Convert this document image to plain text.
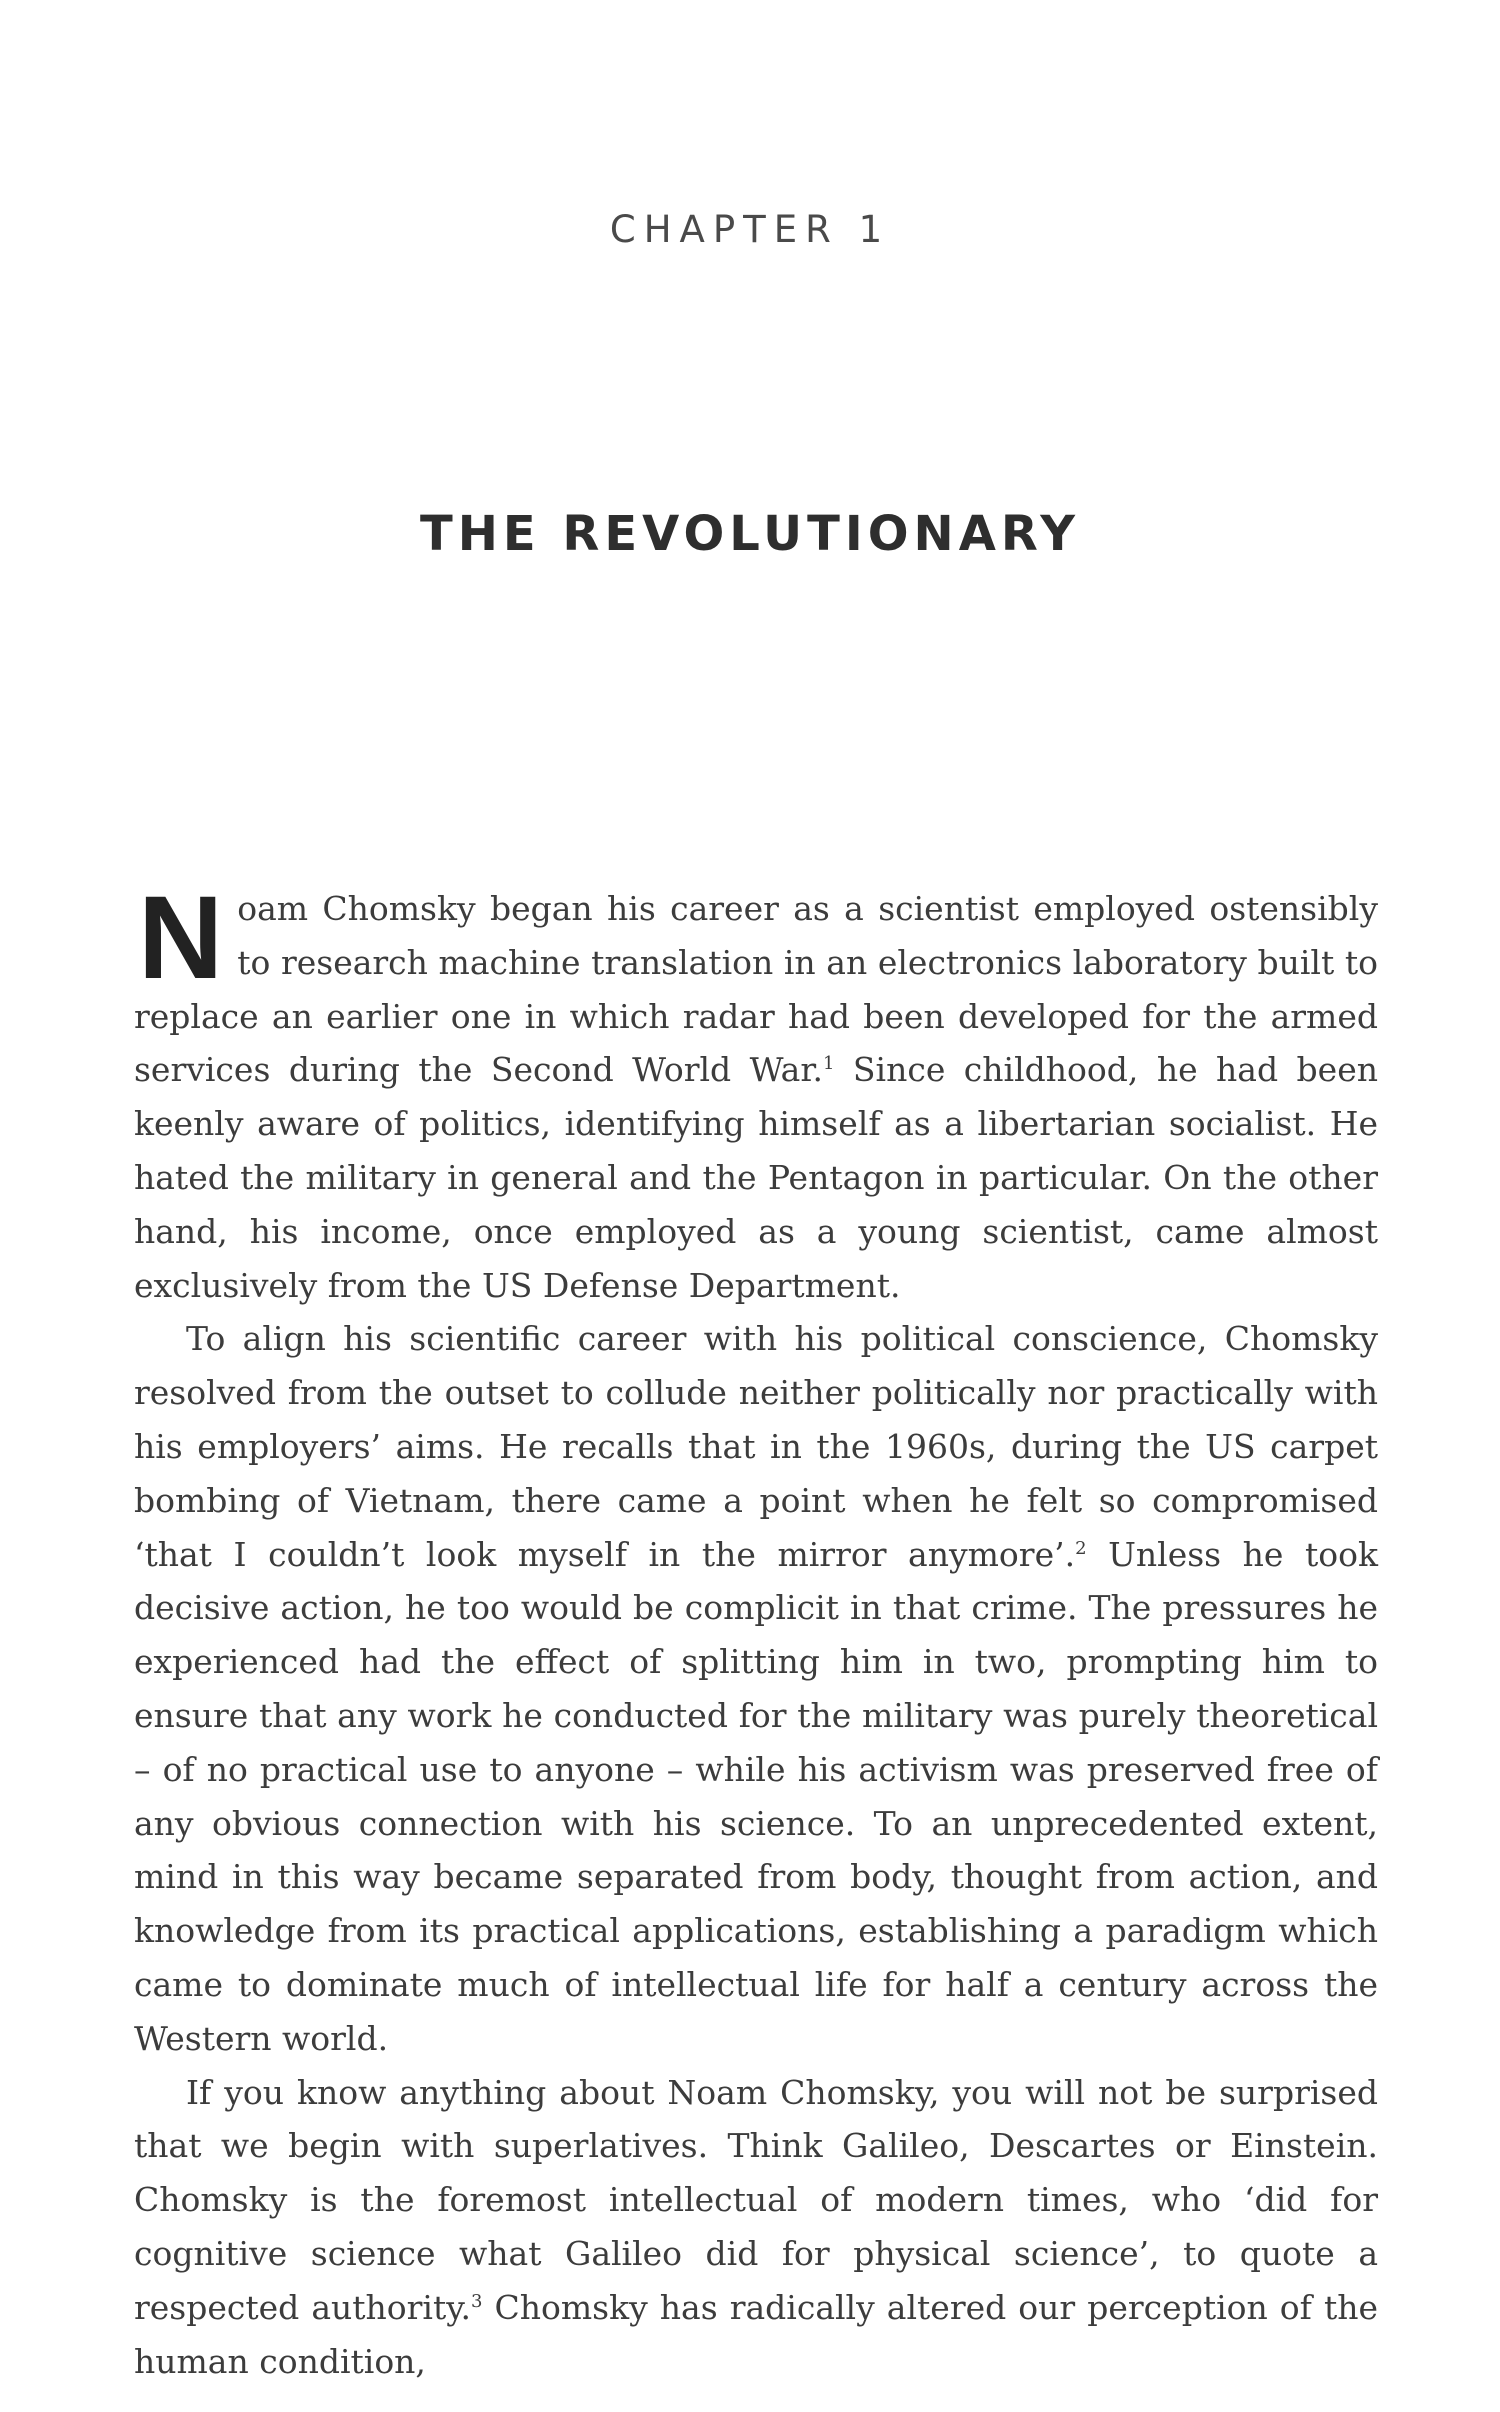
CHAPTER 1
THE REVOLUTIONARY

Noam Chomsky began his career as a scientist employed ostensibly to research machine translation in an electronics laboratory built to replace an earlier one in which radar had been developed for the armed services during the Second World War.$^1$ Since childhood, he had been keenly aware of politics, identifying himself as a libertarian socialist. He hated the military in general and the Pentagon in particular. On the other hand, his income, once employed as a young scientist, came almost exclusively from the US Defense Department.

To align his scientific career with his political conscience, Chomsky resolved from the outset to collude neither politically nor practically with his employers’ aims. He recalls that in the 1960s, during the US carpet bombing of Vietnam, there came a point when he felt so compromised ‘that I couldn’t look myself in the mirror anymore’.$^2$ Unless he took decisive action, he too would be complicit in that crime. The pressures he experienced had the effect of splitting him in two, prompting him to ensure that any work he conducted for the military was purely theoretical – of no practical use to anyone – while his activism was preserved free of any obvious connection with his science. To an unprecedented extent, mind in this way became separated from body, thought from action, and knowledge from its practical applications, establishing a paradigm which came to dominate much of intellectual life for half a century across the Western world.

If you know anything about Noam Chomsky, you will not be surprised that we begin with superlatives. Think Galileo, Descartes or Einstein. Chomsky is the foremost intellectual of modern times, who ‘did for cognitive science what Galileo did for physical science’, to quote a respected authority.$^3$ Chomsky has radically altered our perception of the human condition,
